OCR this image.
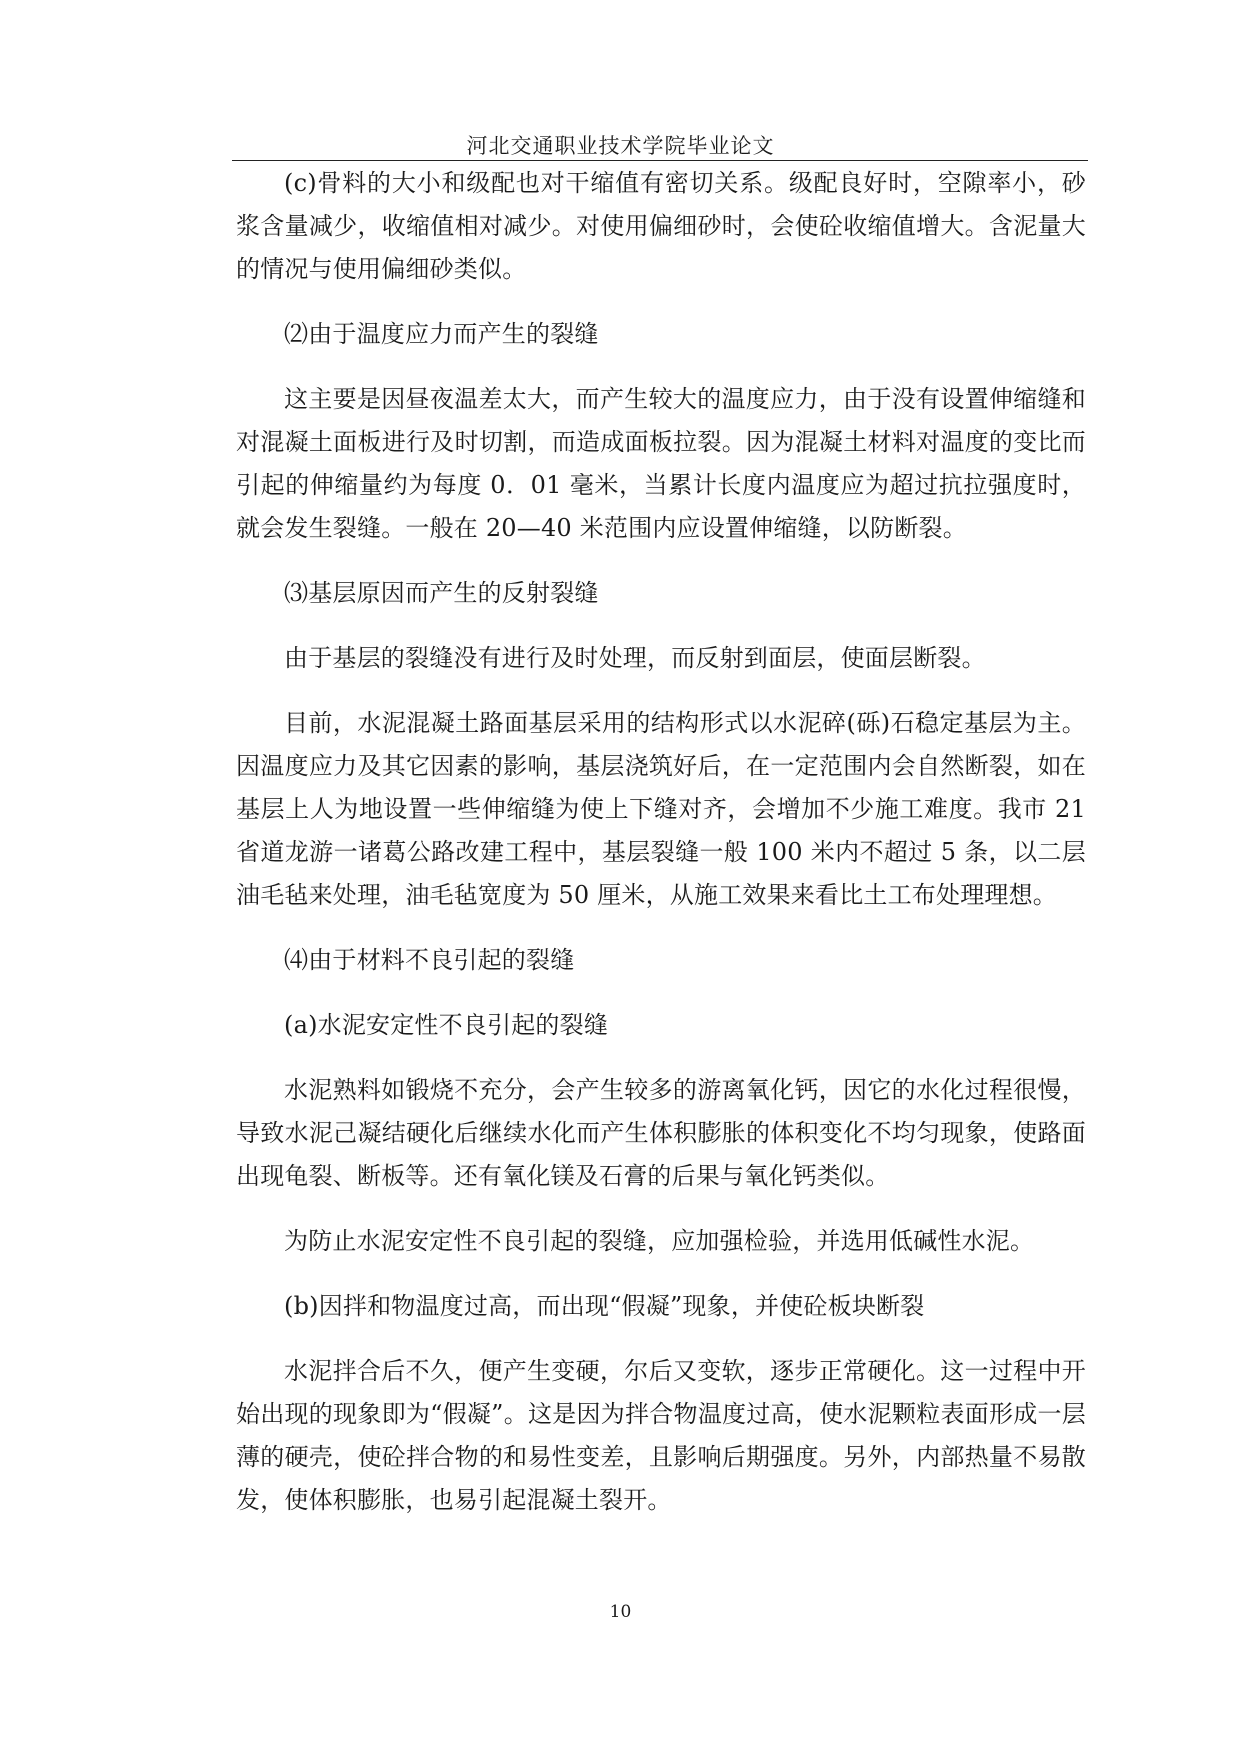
河北交通职业技术学院毕业论文

(c)骨料的大小和级配也对干缩值有密切关系。级配良好时，空隙率小，砂浆含量减少，收缩值相对减少。对使用偏细砂时，会使砼收缩值增大。含泥量大的情况与使用偏细砂类似。

⑵由于温度应力而产生的裂缝

这主要是因昼夜温差太大，而产生较大的温度应力，由于没有设置伸缩缝和对混凝土面板进行及时切割，而造成面板拉裂。因为混凝土材料对温度的变比而引起的伸缩量约为每度 0．01 毫米，当累计长度内温度应为超过抗拉强度时，就会发生裂缝。一般在 20—40 米范围内应设置伸缩缝，以防断裂。

⑶基层原因而产生的反射裂缝

由于基层的裂缝没有进行及时处理，而反射到面层，使面层断裂。

目前，水泥混凝土路面基层采用的结构形式以水泥碎(砾)石稳定基层为主。因温度应力及其它因素的影响，基层浇筑好后，在一定范围内会自然断裂，如在基层上人为地设置一些伸缩缝为使上下缝对齐，会增加不少施工难度。我市 21 省道龙游一诸葛公路改建工程中，基层裂缝一般 100 米内不超过 5 条，以二层油毛毡来处理，油毛毡宽度为 50 厘米，从施工效果来看比土工布处理理想。

⑷由于材料不良引起的裂缝

(a)水泥安定性不良引起的裂缝

水泥熟料如锻烧不充分，会产生较多的游离氧化钙，因它的水化过程很慢，导致水泥己凝结硬化后继续水化而产生体积膨胀的体积变化不均匀现象，使路面出现龟裂、断板等。还有氧化镁及石膏的后果与氧化钙类似。

为防止水泥安定性不良引起的裂缝，应加强检验，并选用低碱性水泥。

(b)因拌和物温度过高，而出现“假凝”现象，并使砼板块断裂

水泥拌合后不久，便产生变硬，尔后又变软，逐步正常硬化。这一过程中开始出现的现象即为“假凝”。这是因为拌合物温度过高，使水泥颗粒表面形成一层薄的硬壳，使砼拌合物的和易性变差，且影响后期强度。另外，内部热量不易散发，使体积膨胀，也易引起混凝土裂开。

10
